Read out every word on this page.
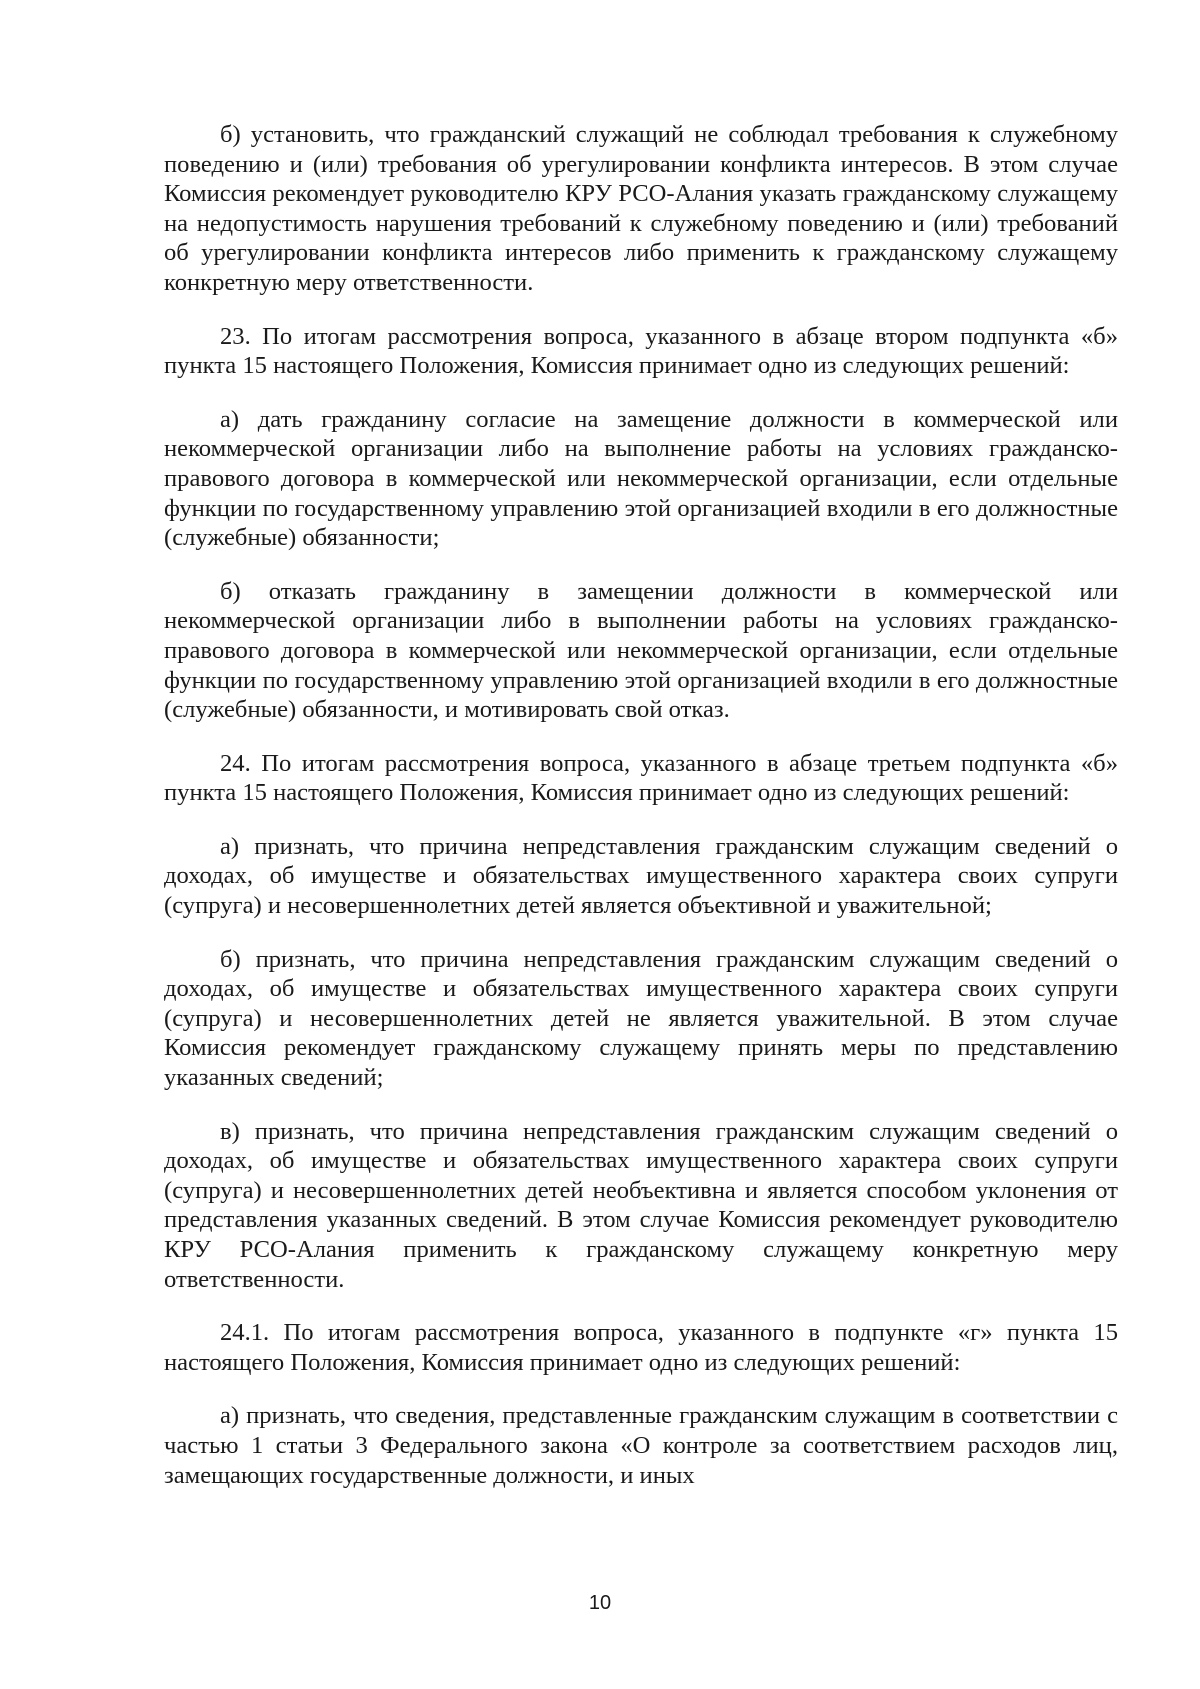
б) установить, что гражданский служащий не соблюдал требования к служебному поведению и (или) требования об урегулировании конфликта интересов. В этом случае Комиссия рекомендует руководителю КРУ РСО-Алания указать гражданскому служащему на недопустимость нарушения требований к служебному поведению и (или) требований об урегулировании конфликта интересов либо применить к гражданскому служащему конкретную меру ответственности.

23. По итогам рассмотрения вопроса, указанного в абзаце втором подпункта «б» пункта 15 настоящего Положения, Комиссия принимает одно из следующих решений:

а) дать гражданину согласие на замещение должности в коммерческой или некоммерческой организации либо на выполнение работы на условиях гражданско-правового договора в коммерческой или некоммерческой организации, если отдельные функции по государственному управлению этой организацией входили в его должностные (служебные) обязанности;

б) отказать гражданину в замещении должности в коммерческой или некоммерческой организации либо в выполнении работы на условиях гражданско-правового договора в коммерческой или некоммерческой организации, если отдельные функции по государственному управлению этой организацией входили в его должностные (служебные) обязанности, и мотивировать свой отказ.

24. По итогам рассмотрения вопроса, указанного в абзаце третьем подпункта «б» пункта 15 настоящего Положения, Комиссия принимает одно из следующих решений:

а) признать, что причина непредставления гражданским служащим сведений о доходах, об имуществе и обязательствах имущественного характера своих супруги (супруга) и несовершеннолетних детей является объективной и уважительной;

б) признать, что причина непредставления гражданским служащим сведений о доходах, об имуществе и обязательствах имущественного характера своих супруги (супруга) и несовершеннолетних детей не является уважительной. В этом случае Комиссия рекомендует гражданскому служащему принять меры по представлению указанных сведений;

в) признать, что причина непредставления гражданским служащим сведений о доходах, об имуществе и обязательствах имущественного характера своих супруги (супруга) и несовершеннолетних детей необъективна и является способом уклонения от представления указанных сведений. В этом случае Комиссия рекомендует руководителю КРУ РСО-Алания применить к гражданскому служащему конкретную меру ответственности.

24.1. По итогам рассмотрения вопроса, указанного в подпункте «г» пункта 15 настоящего Положения, Комиссия принимает одно из следующих решений:

а) признать, что сведения, представленные гражданским служащим в соответствии с частью 1 статьи 3 Федерального закона «О контроле за соответствием расходов лиц, замещающих государственные должности, и иных

10
